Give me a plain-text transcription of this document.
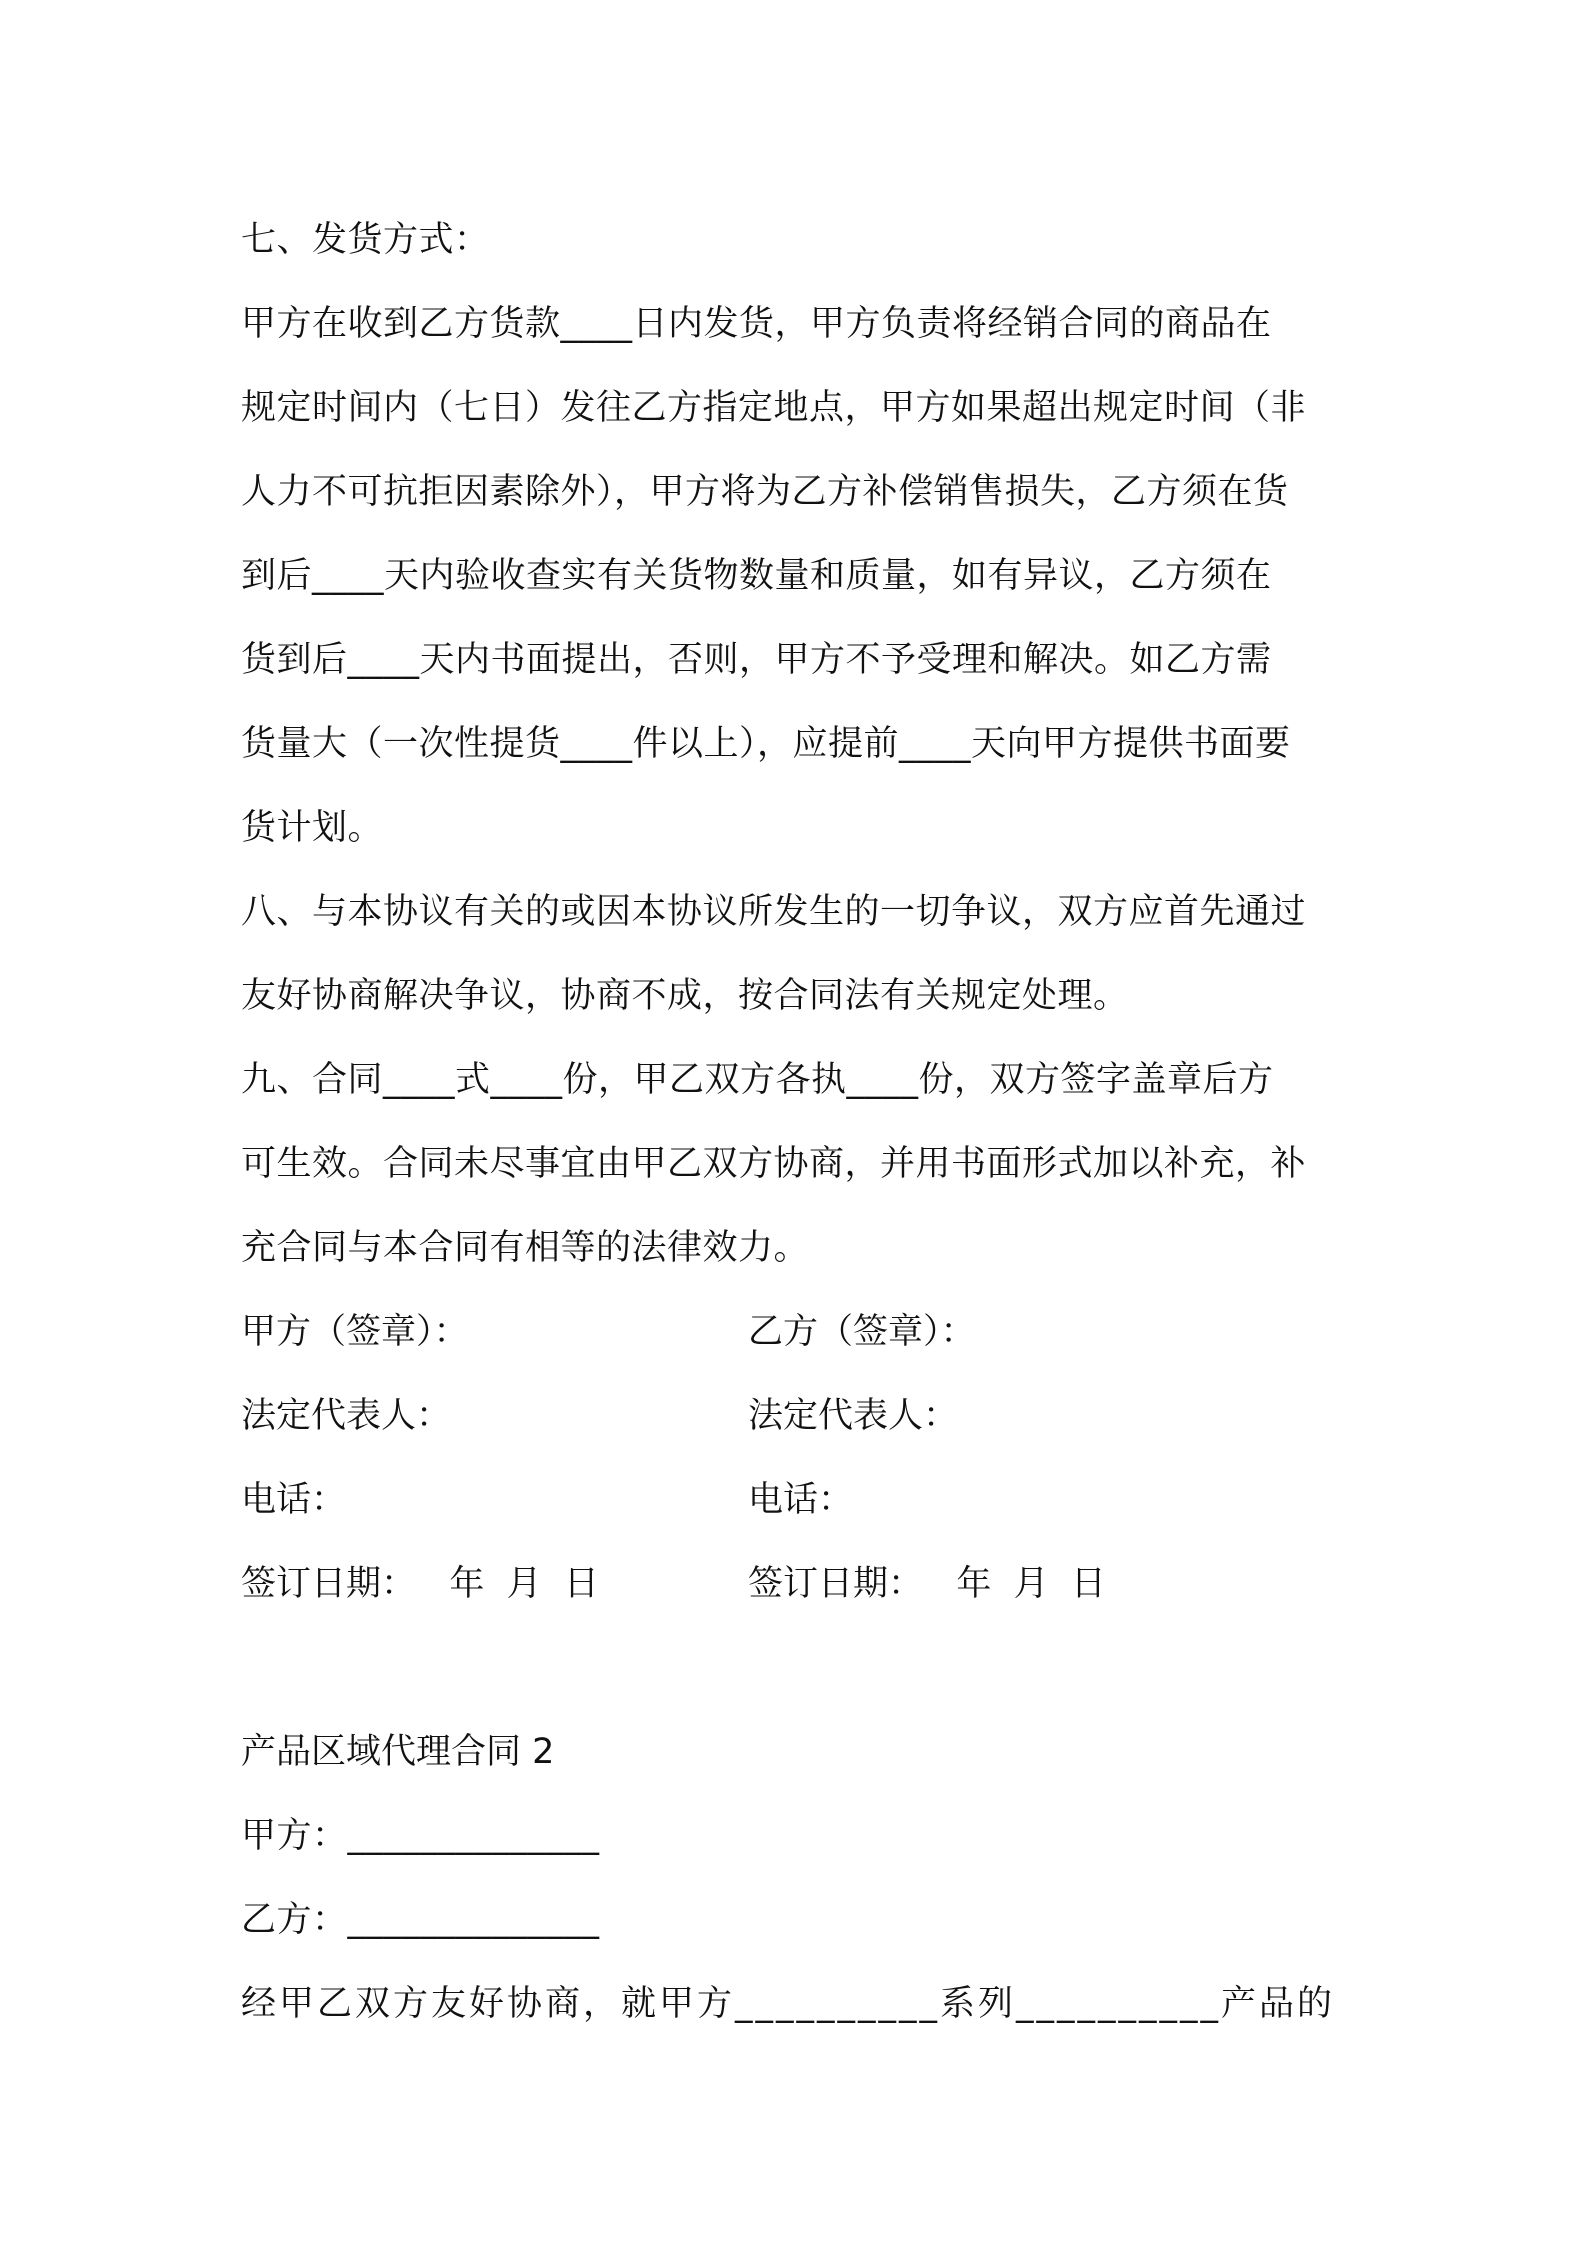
七、发货方式：
甲方在收到乙方货款____日内发货，甲方负责将经销合同的商品在
规定时间内（七日）发往乙方指定地点，甲方如果超出规定时间（非
人力不可抗拒因素除外），甲方将为乙方补偿销售损失，乙方须在货
到后____天内验收查实有关货物数量和质量，如有异议，乙方须在
货到后____天内书面提出，否则，甲方不予受理和解决。如乙方需
货量大（一次性提货____件以上），应提前____天向甲方提供书面要
货计划。
八、与本协议有关的或因本协议所发生的一切争议，双方应首先通过
友好协商解决争议，协商不成，按合同法有关规定处理。
九、合同____式____份，甲乙双方各执____份，双方签字盖章后方
可生效。合同未尽事宜由甲乙双方协商，并用书面形式加以补充，补
充合同与本合同有相等的法律效力。
甲方（签章）：	乙方（签章）：
法定代表人：	法定代表人：
电话：	电话：
签订日期：   年  月  日	签订日期：   年  月  日
产品区域代理合同 2
甲方：______________
乙方：______________
经甲乙双方友好协商，就甲方__________系列__________产品的
